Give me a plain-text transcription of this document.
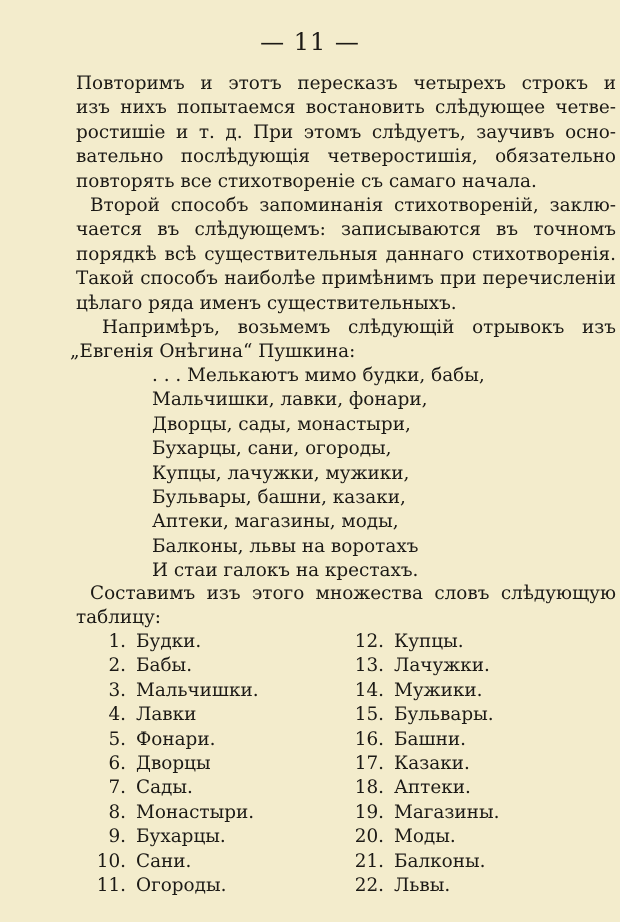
— 11 —
Повторимъ и этотъ пересказъ четырехъ строкъ и
изъ нихъ попытаемся востановить слѣдующее четве-
ростишіе и т. д. При этомъ слѣдуетъ, заучивъ осно-
вательно послѣдующія четверостишія, обязательно
повторять все стихотвореніе съ самаго начала.
Второй способъ запоминанія стихотвореній, заклю-
чается въ слѣдующемъ: записываются въ точномъ
порядкѣ всѣ существительныя даннаго стихотворенія.
Такой способъ наиболѣе примѣнимъ при перечисленіи
цѣлаго ряда именъ существительныхъ.
Напримѣръ, возьмемъ слѣдующій отрывокъ изъ
„Евгенія Онѣгина“ Пушкина:
. . . Мелькаютъ мимо будки, бабы,
Мальчишки, лавки, фонари,
Дворцы, сады, монастыри,
Бухарцы, сани, огороды,
Купцы, лачужки, мужики,
Бульвары, башни, казаки,
Аптеки, магазины, моды,
Балконы, львы на воротахъ
И стаи галокъ на крестахъ.
Составимъ изъ этого множества словъ слѣдующую
таблицу:
1. Будки.
2. Бабы.
3. Мальчишки.
4. Лавки
5. Фонари.
6. Дворцы
7. Сады.
8. Монастыри.
9. Бухарцы.
10. Сани.
11. Огороды.
12. Купцы.
13. Лачужки.
14. Мужики.
15. Бульвары.
16. Башни.
17. Казаки.
18. Аптеки.
19. Магазины.
20. Моды.
21. Балконы.
22. Львы.
